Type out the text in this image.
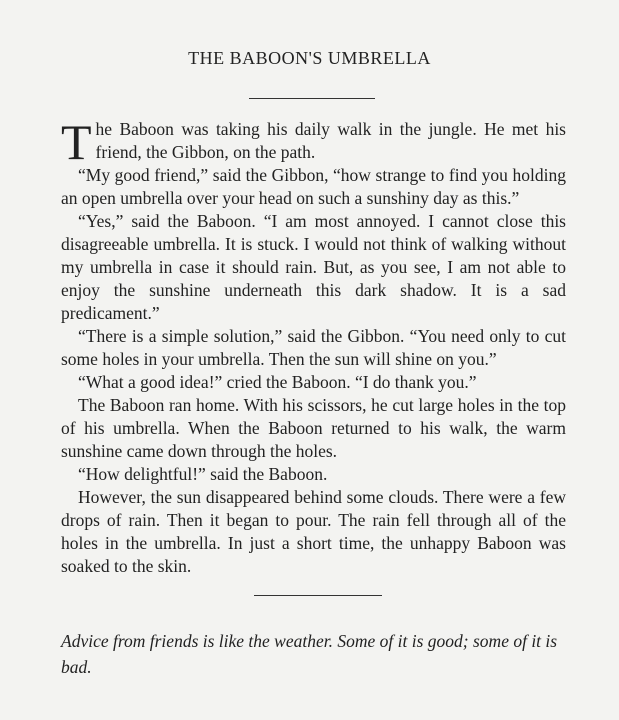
THE BABOON'S UMBRELLA

The Baboon was taking his daily walk in the jungle. He met his friend, the Gibbon, on the path.

“My good friend,” said the Gibbon, “how strange to find you holding an open umbrella over your head on such a sunshiny day as this.”

“Yes,” said the Baboon. “I am most annoyed. I cannot close this disagreeable umbrella. It is stuck. I would not think of walking without my umbrella in case it should rain. But, as you see, I am not able to enjoy the sunshine underneath this dark shadow. It is a sad predicament.”

“There is a simple solution,” said the Gibbon. “You need only to cut some holes in your umbrella. Then the sun will shine on you.”

“What a good idea!” cried the Baboon. “I do thank you.”

The Baboon ran home. With his scissors, he cut large holes in the top of his umbrella. When the Baboon returned to his walk, the warm sunshine came down through the holes.

“How delightful!” said the Baboon.

However, the sun disappeared behind some clouds. There were a few drops of rain. Then it began to pour. The rain fell through all of the holes in the umbrella. In just a short time, the unhappy Baboon was soaked to the skin.

Advice from friends is like the weather. Some of it is good; some of it is bad.
